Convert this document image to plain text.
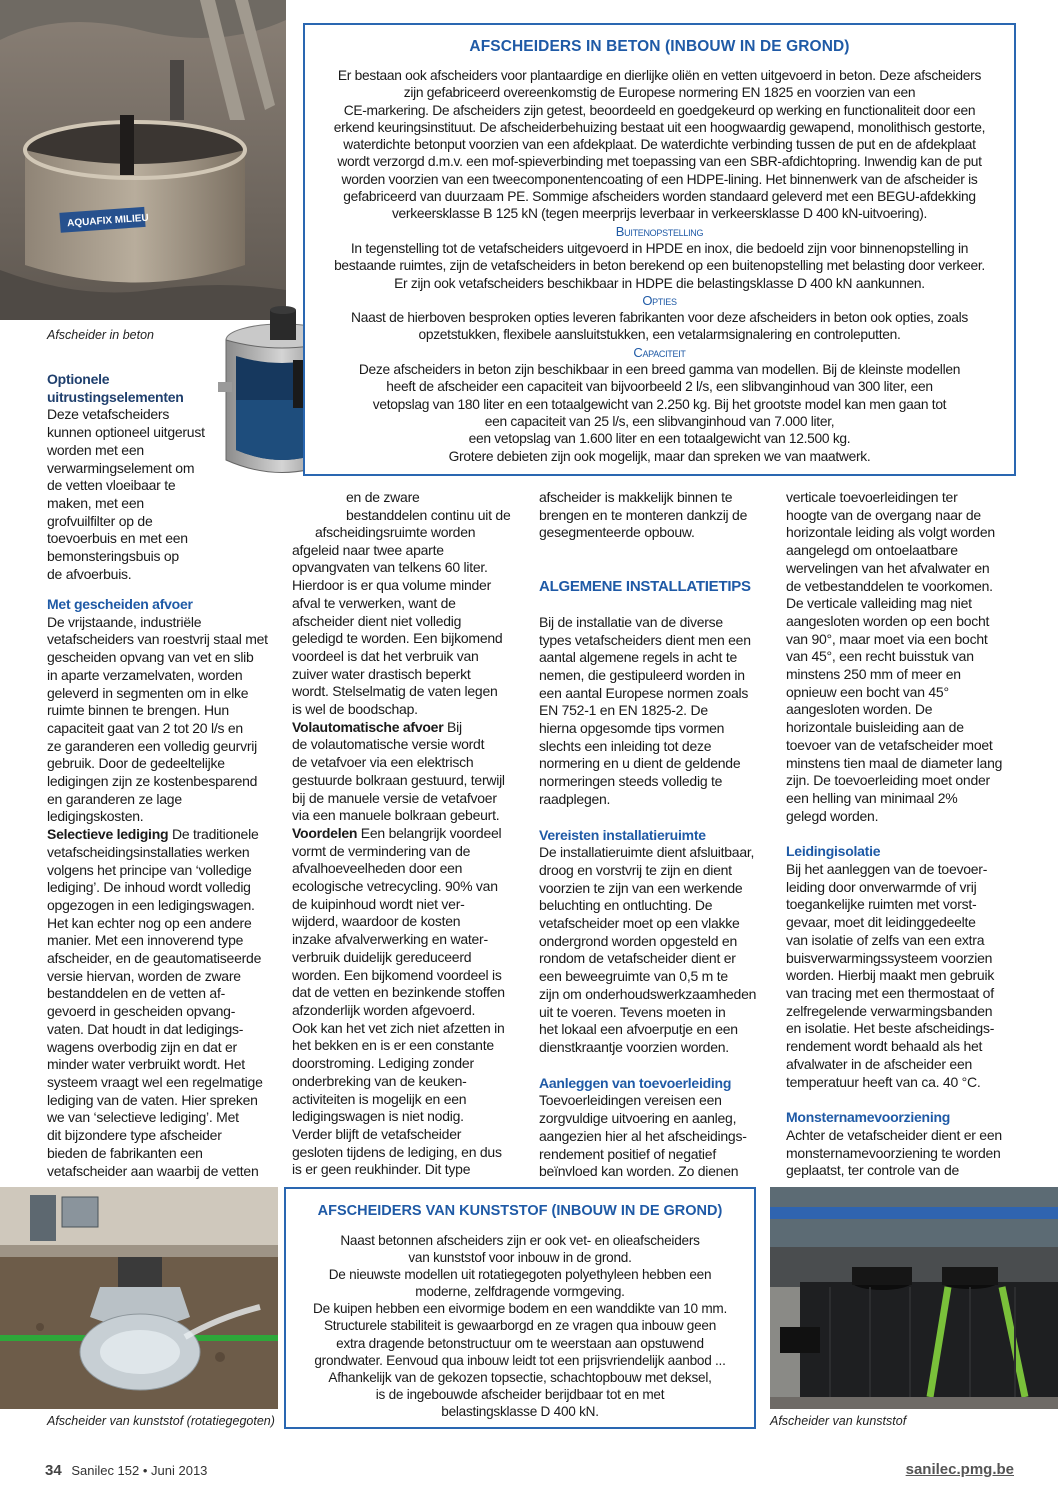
AQUAFIX MILIEU
Afscheider in beton
Afscheider van kunststof (rotatiegegoten)	Afscheider van kunststof
AFSCHEIDERS IN BETON (INBOUW IN DE GROND)
Er bestaan ook afscheiders voor plantaardige en dierlijke oliën en vetten uitgevoerd in beton. Deze afscheiders
zijn gefabriceerd overeenkomstig de Europese normering EN 1825 en voorzien van een
CE-markering. De afscheiders zijn getest, beoordeeld en goedgekeurd op werking en functionaliteit door een
erkend keuringsinstituut. De afscheiderbehuizing bestaat uit een hoogwaardig gewapend, monolithisch gestorte,
waterdichte betonput voorzien van een afdekplaat. De waterdichte verbinding tussen de put en de afdekplaat
wordt verzorgd d.m.v. een mof-spieverbinding met toepassing van een SBR-afdichtopring. Inwendig kan de put
worden voorzien van een tweecomponentencoating of een HDPE-lining. Het binnenwerk van de afscheider is
gefabriceerd van duurzaam PE. Sommige afscheiders worden standaard geleverd met een BEGU-afdekking
verkeersklasse B 125 kN (tegen meerprijs leverbaar in verkeersklasse D 400 kN-uitvoering).
Buitenopstelling
In tegenstelling tot de vetafscheiders uitgevoerd in HPDE en inox, die bedoeld zijn voor binnenopstelling in
bestaande ruimtes, zijn de vetafscheiders in beton berekend op een buitenopstelling met belasting door verkeer.
Er zijn ook vetafscheiders beschikbaar in HDPE die belastingsklasse D 400 kN aankunnen.
Opties
Naast de hierboven besproken opties leveren fabrikanten voor deze afscheiders in beton ook opties, zoals
opzetstukken, flexibele aansluitstukken, een vetalarmsignalering en controleputten.
Capaciteit
Deze afscheiders in beton zijn beschikbaar in een breed gamma van modellen. Bij de kleinste modellen
heeft de afscheider een capaciteit van bijvoorbeeld 2 l/s, een slibvanginhoud van 300 liter, een
vetopslag van 180 liter en een totaalgewicht van 2.250 kg. Bij het grootste model kan men gaan tot
een capaciteit van 25 l/s, een slibvanginhoud van 7.000 liter,
een vetopslag van 1.600 liter en een totaalgewicht van 12.500 kg.
Grotere debieten zijn ook mogelijk, maar dan spreken we van maatwerk.
Optionele uitrustingselementen
Deze vetafscheiders
kunnen optioneel uitgerust
worden met een
verwarmingselement om
de vetten vloeibaar te
maken, met een
grofvuilfilter op de
toevoerbuis en met een
bemonsteringsbuis op
de afvoerbuis.
Met gescheiden afvoer
De vrijstaande, industriële
vetafscheiders van roestvrij staal met
gescheiden opvang van vet en slib
in aparte verzamelvaten, worden
geleverd in segmenten om in elke
ruimte binnen te brengen. Hun
capaciteit gaat van 2 tot 20 l/s en
ze garanderen een volledig geurvrij
gebruik. Door de gedeeltelijke
ledigingen zijn ze kostenbesparend
en garanderen ze lage
ledigingskosten.
Selectieve lediging De traditionele
vetafscheidingsinstallaties werken
volgens het principe van ‘volledige
lediging’. De inhoud wordt volledig
opgezogen in een ledigingswagen.
Het kan echter nog op een andere
manier. Met een innoverend type
afscheider, en de geautomatiseerde
versie hiervan, worden de zware
bestanddelen en de vetten af-
gevoerd in gescheiden opvang-
vaten. Dat houdt in dat ledigings-
wagens overbodig zijn en dat er
minder water verbruikt wordt. Het
systeem vraagt wel een regelmatige
lediging van de vaten. Hier spreken
we van ‘selectieve lediging’. Met
dit bijzondere type afscheider
bieden de fabrikanten een
vetafscheider aan waarbij de vetten
en de zware
bestanddelen continu uit de
afscheidingsruimte worden
afgeleid naar twee aparte
opvangvaten van telkens 60 liter.
Hierdoor is er qua volume minder
afval te verwerken, want de
afscheider dient niet volledig
geledigd te worden. Een bijkomend
voordeel is dat het verbruik van
zuiver water drastisch beperkt
wordt. Stelselmatig de vaten legen
is wel de boodschap.
Volautomatische afvoer Bij
de volautomatische versie wordt
de vetafvoer via een elektrisch
gestuurde bolkraan gestuurd, terwijl
bij de manuele versie de vetafvoer
via een manuele bolkraan gebeurt.
Voordelen Een belangrijk voordeel
vormt de vermindering van de
afvalhoeveelheden door een
ecologische vetrecycling. 90% van
de kuipinhoud wordt niet ver-
wijderd, waardoor de kosten
inzake afvalverwerking en water-
verbruik duidelijk gereduceerd
worden. Een bijkomend voordeel is
dat de vetten en bezinkende stoffen
afzonderlijk worden afgevoerd.
Ook kan het vet zich niet afzetten in
het bekken en is er een constante
doorstroming. Lediging zonder
onderbreking van de keuken-
activiteiten is mogelijk en een
ledigingswagen is niet nodig.
Verder blijft de vetafscheider
gesloten tijdens de lediging, en dus
is er geen reukhinder. Dit type
afscheider is makkelijk binnen te
brengen en te monteren dankzij de
gesegmenteerde opbouw.
ALGEMENE INSTALLATIETIPS
Bij de installatie van de diverse
types vetafscheiders dient men een
aantal algemene regels in acht te
nemen, die gestipuleerd worden in
een aantal Europese normen zoals
EN 752-1 en EN 1825-2. De
hierna opgesomde tips vormen
slechts een inleiding tot deze
normering en u dient de geldende
normeringen steeds volledig te
raadplegen.
Vereisten installatieruimte
De installatieruimte dient afsluitbaar,
droog en vorstvrij te zijn en dient
voorzien te zijn van een werkende
beluchting en ontluchting. De
vetafscheider moet op een vlakke
ondergrond worden opgesteld en
rondom de vetafscheider dient er
een beweegruimte van 0,5 m te
zijn om onderhoudswerkzaamheden
uit te voeren. Tevens moeten in
het lokaal een afvoerputje en een
dienstkraantje voorzien worden.
Aanleggen van toevoerleiding
Toevoerleidingen vereisen een
zorgvuldige uitvoering en aanleg,
aangezien hier al het afscheidings-
rendement positief of negatief
beïnvloed kan worden. Zo dienen
verticale toevoerleidingen ter
hoogte van de overgang naar de
horizontale leiding als volgt worden
aangelegd om ontoelaatbare
wervelingen van het afvalwater en
de vetbestanddelen te voorkomen.
De verticale valleiding mag niet
aangesloten worden op een bocht
van 90°, maar moet via een bocht
van 45°, een recht buisstuk van
minstens 250 mm of meer en
opnieuw een bocht van 45°
aangesloten worden. De
horizontale buisleiding aan de
toevoer van de vetafscheider moet
minstens tien maal de diameter lang
zijn. De toevoerleiding moet onder
een helling van minimaal 2%
gelegd worden.
Leidingisolatie
Bij het aanleggen van de toevoer-
leiding door onverwarmde of vrij
toegankelijke ruimten met vorst-
gevaar, moet dit leidinggedeelte
van isolatie of zelfs van een extra
buisverwarmingssysteem voorzien
worden. Hierbij maakt men gebruik
van tracing met een thermostaat of
zelfregelende verwarmingsbanden
en isolatie. Het beste afscheidings-
rendement wordt behaald als het
afvalwater in de afscheider een
temperatuur heeft van ca. 40 °C.
Monsternamevoorziening
Achter de vetafscheider dient er een
monsternamevoorziening te worden
geplaatst, ter controle van de
AFSCHEIDERS VAN KUNSTSTOF (INBOUW IN DE GROND)
Naast betonnen afscheiders zijn er ook vet- en olieafscheiders
van kunststof voor inbouw in de grond.
De nieuwste modellen uit rotatiegegoten polyethyleen hebben een
moderne, zelfdragende vormgeving.
De kuipen hebben een eivormige bodem en een wanddikte van 10 mm.
Structurele stabiliteit is gewaarborgd en ze vragen qua inbouw geen
extra dragende betonstructuur om te weerstaan aan opstuwend
grondwater. Eenvoud qua inbouw leidt tot een prijsvriendelijk aanbod ...
Afhankelijk van de gekozen topsectie, schachtopbouw met deksel,
is de ingebouwde afscheider berijdbaar tot en met
belastingsklasse D 400 kN.
34 Sanilec 152 • Juni 2013	sanilec.pmg.be
